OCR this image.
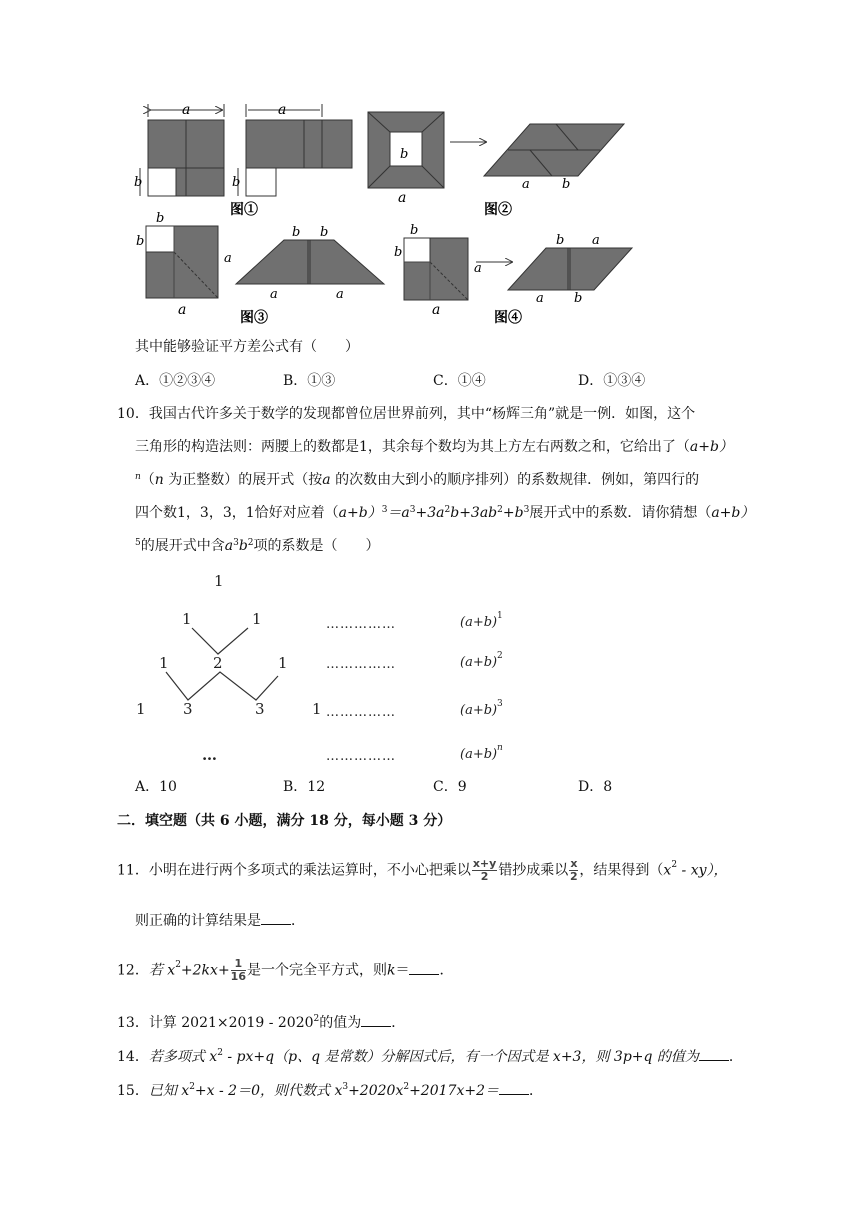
a
b
a
b
图①
b
a
a b
图②
b
b
a
a
b b
a	a
图③
b
b
a
a
b a
a b
图④
其中能够验证平方差公式有（　　）
A．①②③④	B．①③	C．①④	D．①③④
10．我国古代许多关于数学的发现都曾位居世界前列，其中“杨辉三角”就是一例．如图，这个
三角形的构造法则：两腰上的数都是1，其余每个数均为其上方左右两数之和，它给出了（a+b）
$^n$（n 为正整数）的展开式（按a 的次数由大到小的顺序排列）的系数规律．例如，第四行的
四个数1，3，3，1恰好对应着$(a+b)^3=a^3+3a^2b+3ab^2+b^3$展开式中的系数．请你猜想（a+b）
$^5$的展开式中含$a^3b^2$项的系数是（　　）
1
1	1
1	2	1
1 3	3	1
…
……………
……………
……………
……………
(a+b) 1
(a+b) 2
(a+b) 3
(a+b) n
A．10	B．12	C．9	D．8
二．填空题（共 6 小题，满分 18 分，每小题 3 分）
11．小明在进行两个多项式的乘法运算时，不小心把乘以 $\frac{x+y}{2}$ 错抄成乘以 $\frac{x}{2}$ ，结果得到$(x^2 - xy)$，
则正确的计算结果是 ．
12．若 $x^2+2kx+ \frac{1}{16}$ 是一个完全平方式，则k＝ ．
13．计算 2021×2019 - 2020$^2$的值为 ．
14．若多项式 $x^2 - px+q(p$、q 是常数）分解因式后，有一个因式是 x+3，则 3p+q 的值为 ．
15．已知 $x^2+x - 2=0$，则代数式 $x^3+2020x^2+2017x+2=$ ．
